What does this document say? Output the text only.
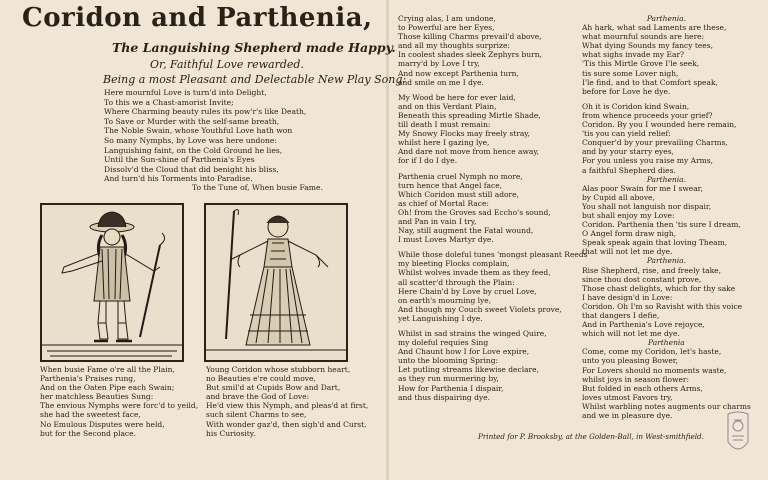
Coridon and Parthenia,
The Languishing Shepherd made Happy.
Or, Faithful Love rewarded.
Being a most Pleasant and Delectable New Play Song:
Here mournful Love is turn'd into Delight,
To this we a Chast-amorist Invite;
Where Charming beauty rules its pow'r's like Death,
To Save or Murder with the self-same breath,
The Noble Swain, whose Youthful Love hath won
So many Nymphs, by Love was here undone:
Languishing faint, on the Cold Ground he lies,
Until the Sun-shine of Parthenia's Eyes
Dissolv'd the Cloud that did benight his bliss,
And turn'd his Torments into Paradise.
To the Tune of, When busie Fame.
When busie Fame o're all the Plain,
Parthenia's Praises rung,
And on the Oaten Pipe each Swain;
her matchless Beauties Sung:
The envious Nymphs were forc'd to yeild,
she had the sweetest face,
No Emulous Disputes were held,
but for the Second place.
Young Coridon whose stubborn heart,
no Beauties e're could move,
But smil'd at Cupids Bow and Dart,
and brave the God of Love:
He'd view this Nymph, and pleas'd at first,
such silent Charms to see,
With wonder gaz'd, then sigh'd and Curst,
his Curiosity.
Crying alas, I am undone,
to Powerful are her Eyes,
Those killing Charms prevail'd above,
and all my thoughts surprize:
In coolest shades sleek Zephyrs burn,
marry'd by Love I try,
And now except Parthenia turn,
and smile on me I dye.
My Wood be here for ever laid,
and on this Verdant Plain,
Beneath this spreading Mirtle Shade,
till death I must remain:
My Snowy Flocks may freely stray,
whilst here I gazing lye,
And dare not move from hence away,
for if I do I dye.
Parthenia cruel Nymph no more,
turn hence that Angel face,
Which Coridon must still adore,
as chief of Mortal Race:
Oh! from the Groves sad Eccho's sound,
and Pan in vain I try,
Nay, still augment the Fatal wound,
I must Loves Martyr dye.
While those doleful tunes 'mongst pleasant Reeds
my bleeting Flocks complain,
Whilst wolves invade them as they feed,
all scatter'd through the Plain:
Here Chain'd by Love by cruel Love,
on earth's mourning lye,
And though my Couch sweet Violets prove,
yet Languishing I dye.
Whilst in sad strains the winged Quire,
my doleful requies Sing
And Chaunt how I for Love expire,
unto the blooming Spring:
Let putling streams likewise declare,
as they run murmering by,
How for Parthenia I dispair,
and thus dispairing dye.
Parthenia.
Ah hark, what sad Laments are these,
what mournful sounds are here:
What dying Sounds my fancy tees,
what sighs invade my Ear?
'Tis this Mirtle Grove I'le seek,
tis sure some Lover nigh,
I'le find, and to that Comfort speak,
before for Love he dye.
Oh it is Coridon kind Swain,
from whence proceeds your grief?
Coridon. By you I wounded here remain,
'tis you can yield relief:
Conquer'd by your prevailing Charms,
and by your starry eyes,
For you unless you raise my Arms,
a faithful Shepherd dies.
Parthenia.
Alas poor Swain for me I swear,
by Cupid all above,
You shall not languish nor dispair,
but shall enjoy my Love:
Coridon. Parthenia then 'tis sure I dream,
O Angel form draw nigh,
Speak speak again that loving Theam,
that will not let me dye.
Parthenia.
Rise Shepherd, rise, and freely take,
since thou dost constant prove,
Those chast delights, which for thy sake
I have design'd in Love:
Coridon. Oh I'm so Ravisht with this voice
that dangers I defie,
And in Parthenia's Love rejoyce,
which will not let me dye.
Parthenia
Come, come my Coridon, let's haste,
unto you pleasing Bower,
For Lovers should no moments waste,
whilst joys in season flower:
But folded in each others Arms,
loves utmost Favors try,
Whilst warbling notes augments our charms
and we in pleasure dye.
Printed for P. Brooksby, at the Golden-Ball, in West-smithfield.
